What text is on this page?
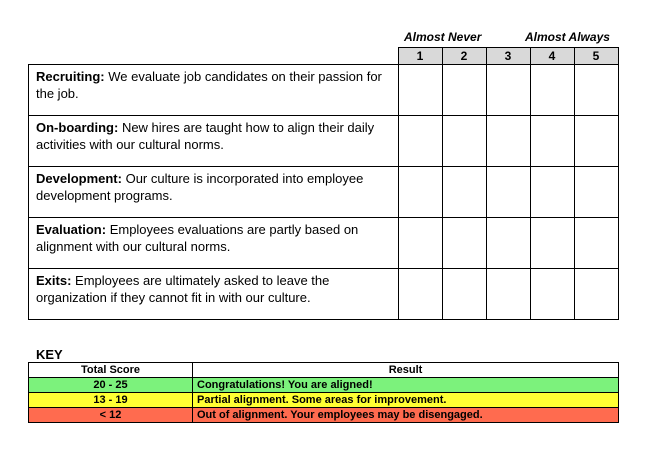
Almost Never	Almost Always
	1	2	3	4	5
Recruiting: We evaluate job candidates on their passion for the job.					
On-boarding: New hires are taught how to align their daily activities with our cultural norms.					
Development: Our culture is incorporated into employee development programs.					
Evaluation: Employees evaluations are partly based on alignment with our cultural norms.					
Exits: Employees are ultimately asked to leave the organization if they cannot fit in with our culture.					
KEY
Total Score	Result
20 - 25	Congratulations! You are aligned!
13 - 19	Partial alignment. Some areas for improvement.
< 12	Out of alignment. Your employees may be disengaged.
